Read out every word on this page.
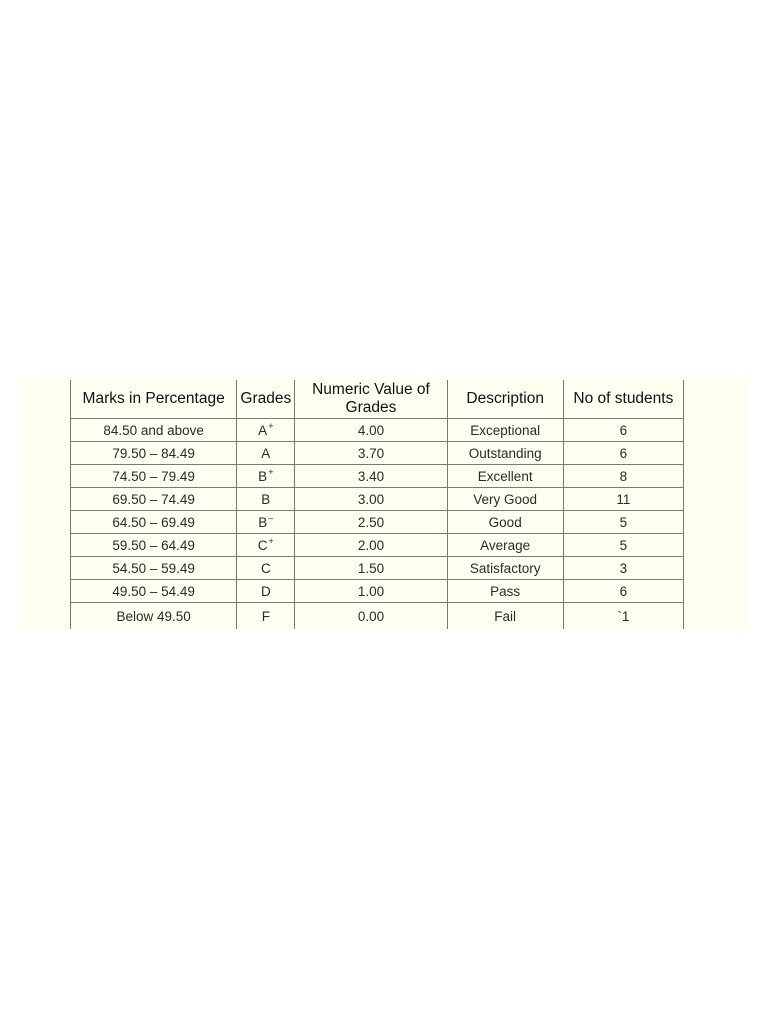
Marks in Percentage	Grades	Numeric Value of Grades	Description	No of students
84.50 and above	A+	4.00	Exceptional	6
79.50 – 84.49	A	3.70	Outstanding	6
74.50 – 79.49	B+	3.40	Excellent	8
69.50 – 74.49	B	3.00	Very Good	11
64.50 – 69.49	B–	2.50	Good	5
59.50 – 64.49	C+	2.00	Average	5
54.50 – 59.49	C	1.50	Satisfactory	3
49.50 – 54.49	D	1.00	Pass	6
Below 49.50	F	0.00	Fail	`1
